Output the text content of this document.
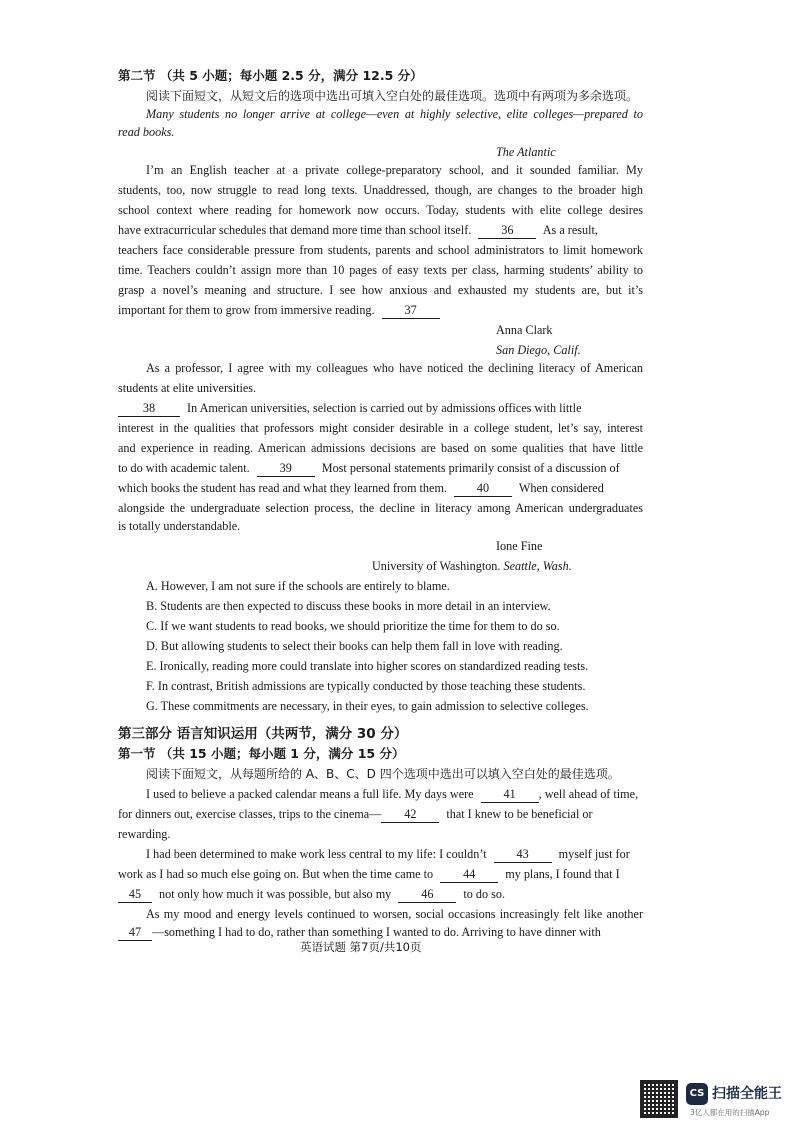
第二节 （共 5 小题；每小题 2.5 分，满分 12.5 分）
阅读下面短文，从短文后的选项中选出可填入空白处的最佳选项。选项中有两项为多余选项。
Many students no longer arrive at college—even at highly selective, elite colleges—prepared to
read books.
The Atlantic
I’m an English teacher at a private college-preparatory school, and it sounded familiar. My
students, too, now struggle to read long texts. Unaddressed, though, are changes to the broader high
school context where reading for homework now occurs. Today, students with elite college desires
have extracurricular schedules that demand more time than school itself. 36 As a result,
teachers face considerable pressure from students, parents and school administrators to limit homework
time. Teachers couldn’t assign more than 10 pages of easy texts per class, harming students’ ability to
grasp a novel’s meaning and structure. I see how anxious and exhausted my students are, but it’s
important for them to grow from immersive reading. 37
Anna Clark
San Diego, Calif.
As a professor, I agree with my colleagues who have noticed the declining literacy of American
students at elite universities.
38	In American universities, selection is carried out by admissions offices with little
interest in the qualities that professors might consider desirable in a college student, let’s say, interest
and experience in reading. American admissions decisions are based on some qualities that have little
to do with academic talent. 39 Most personal statements primarily consist of a discussion of
which books the student has read and what they learned from them. 40 When considered
alongside the undergraduate selection process, the decline in literacy among American undergraduates
is totally understandable.
Ione Fine
University of Washington. Seattle, Wash.
A. However, I am not sure if the schools are entirely to blame.
B. Students are then expected to discuss these books in more detail in an interview.
C. If we want students to read books, we should prioritize the time for them to do so.
D. But allowing students to select their books can help them fall in love with reading.
E. Ironically, reading more could translate into higher scores on standardized reading tests.
F. In contrast, British admissions are typically conducted by those teaching these students.
G. These commitments are necessary, in their eyes, to gain admission to selective colleges.
第三部分 语言知识运用（共两节，满分 30 分）
第一节 （共 15 小题；每小题 1 分，满分 15 分）
阅读下面短文，从每题所给的 A、B、C、D 四个选项中选出可以填入空白处的最佳选项。
I used to believe a packed calendar means a full life. My days were 41 , well ahead of time,
for dinners out, exercise classes, trips to the cinema— 42 that I knew to be beneficial or
rewarding.
I had been determined to make work less central to my life: I couldn’t 43 myself just for
work as I had so much else going on. But when the time came to 44 my plans, I found that I
45 not only how much it was possible, but also my 46 to do so.
As my mood and energy levels continued to worsen, social occasions increasingly felt like another
47 —something I had to do, rather than something I wanted to do. Arriving to have dinner with
英语试题 第7页/共10页
CS 扫描全能王
3亿人都在用的扫描App
